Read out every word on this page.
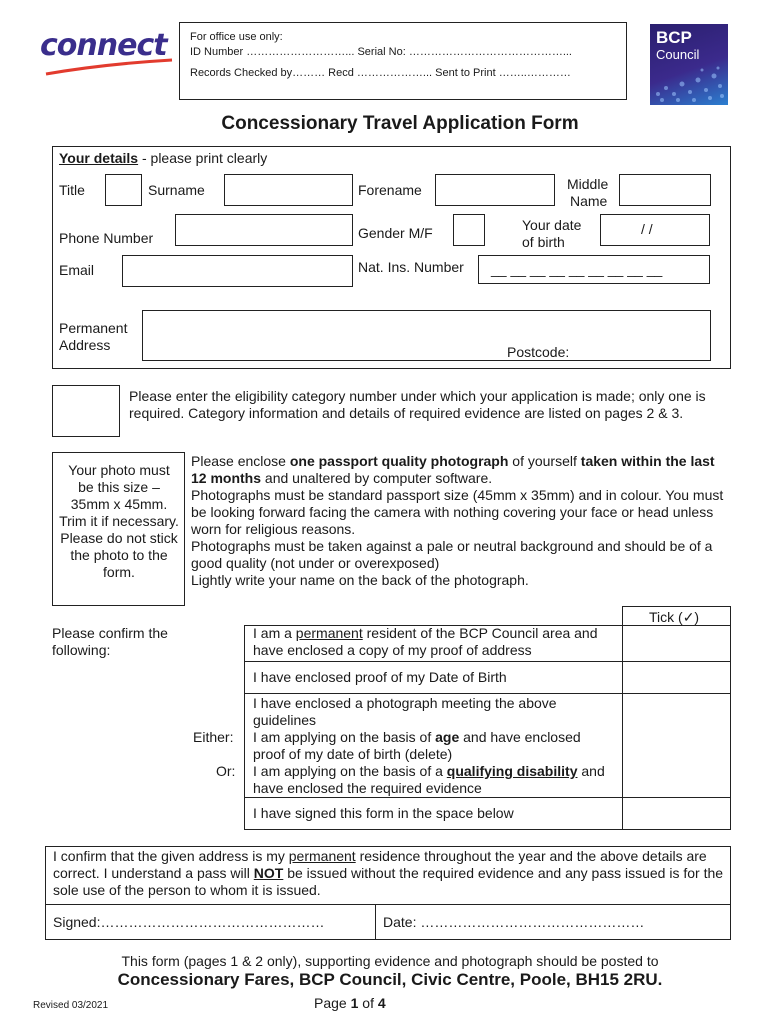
connect For office use only:
ID Number ………………………... Serial No: ……………………………………...
Records Checked by……… Recd ………………... Sent to Print ……..…………
BCP
Council
Concessionary Travel Application Form
Your details - please print clearly
Title	Surname	Forename	Middle
Name
Phone Number	Gender M/F	Your date
of birth
/ /
Email	Nat. Ins. Number __ __ __ __ __ __ __ __ __
Permanent
Address	Postcode:
Please enter the eligibility category number under which your application is made; only one is required. Category information and details of required evidence are listed on pages 2 & 3.
Your photo must be this size – 35mm x 45mm. Trim it if necessary. Please do not stick the photo to the form.
Please enclose one passport quality photograph of yourself taken within the last 12 months and unaltered by computer software.
Photographs must be standard passport size (45mm x 35mm) and in colour. You must be looking forward facing the camera with nothing covering your face or head unless worn for religious reasons.
Photographs must be taken against a pale or neutral background and should be of a good quality (not under or overexposed)
Lightly write your name on the back of the photograph.
Please confirm the following:
Tick (✓)
I am a permanent resident of the BCP Council area and have enclosed a copy of my proof of address
I have enclosed proof of my Date of Birth
I have enclosed a photograph meeting the above guidelines
Either: I am applying on the basis of age and have enclosed proof of my date of birth (delete)
Or: I am applying on the basis of a qualifying disability and have enclosed the required evidence
I have signed this form in the space below
I confirm that the given address is my permanent residence throughout the year and the above details are correct. I understand a pass will NOT be issued without the required evidence and any pass issued is for the sole use of the person to whom it is issued.
Signed:…………………………………………	Date: …………………………………………
This form (pages 1 & 2 only), supporting evidence and photograph should be posted to
Concessionary Fares, BCP Council, Civic Centre, Poole, BH15 2RU.
Revised 03/2021	Page 1 of 4
